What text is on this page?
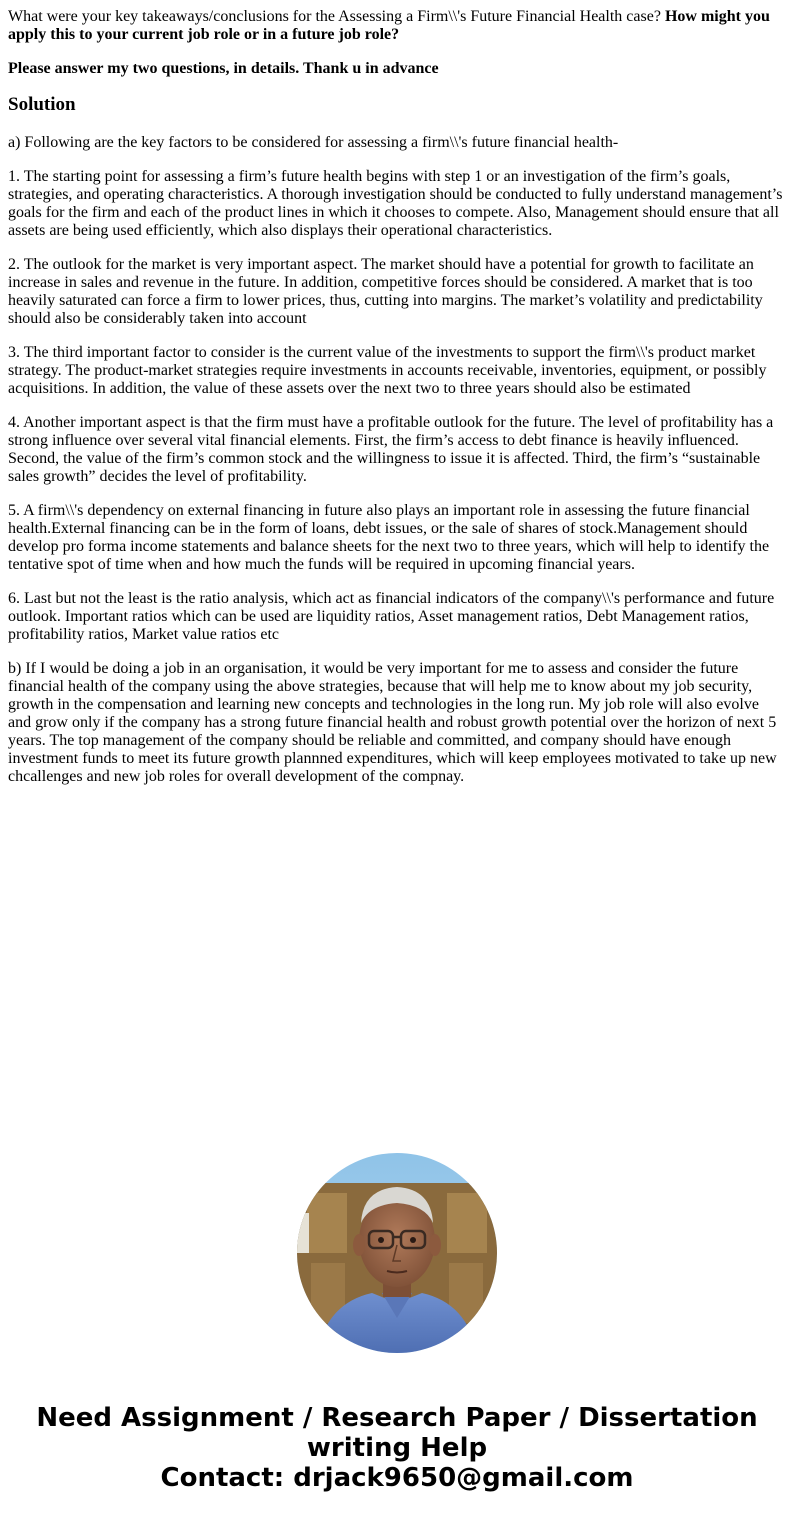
What were your key takeaways/conclusions for the Assessing a Firm\\'s Future Financial Health case? How might you apply this to your current job role or in a future job role?

Please answer my two questions, in details. Thank u in advance

Solution

a) Following are the key factors to be considered for assessing a firm\\'s future financial health-

1. The starting point for assessing a firm’s future health begins with step 1 or an investigation of the firm’s goals, strategies, and operating characteristics. A thorough investigation should be conducted to fully understand management’s goals for the firm and each of the product lines in which it chooses to compete. Also, Management should ensure that all assets are being used efficiently, which also displays their operational characteristics.

2. The outlook for the market is very important aspect. The market should have a potential for growth to facilitate an increase in sales and revenue in the future. In addition, competitive forces should be considered. A market that is too heavily saturated can force a firm to lower prices, thus, cutting into margins. The market’s volatility and predictability should also be considerably taken into account

3. The third important factor to consider is the current value of the investments to support the firm\\'s product market strategy. The product-market strategies require investments in accounts receivable, inventories, equipment, or possibly acquisitions. In addition, the value of these assets over the next two to three years should also be estimated

4. Another important aspect is that the firm must have a profitable outlook for the future. The level of profitability has a strong influence over several vital financial elements. First, the firm’s access to debt finance is heavily influenced. Second, the value of the firm’s common stock and the willingness to issue it is affected. Third, the firm’s “sustainable sales growth” decides the level of profitability.

5. A firm\\'s dependency on external financing in future also plays an important role in assessing the future financial health.External financing can be in the form of loans, debt issues, or the sale of shares of stock.Management should develop pro forma income statements and balance sheets for the next two to three years, which will help to identify the tentative spot of time when and how much the funds will be required in upcoming financial years.

6. Last but not the least is the ratio analysis, which act as financial indicators of the company\\'s performance and future outlook. Important ratios which can be used are liquidity ratios, Asset management ratios, Debt Management ratios, profitability ratios, Market value ratios etc

b) If I would be doing a job in an organisation, it would be very important for me to assess and consider the future financial health of the company using the above strategies, because that will help me to know about my job security, growth in the compensation and learning new concepts and technologies in the long run. My job role will also evolve and grow only if the company has a strong future financial health and robust growth potential over the horizon of next 5 years. The top management of the company should be reliable and committed, and company should have enough investment funds to meet its future growth plannned expenditures, which will keep employees motivated to take up new chcallenges and new job roles for overall development of the compnay.

Need Assignment / Research Paper / Dissertation
writing Help
Contact: drjack9650@gmail.com
